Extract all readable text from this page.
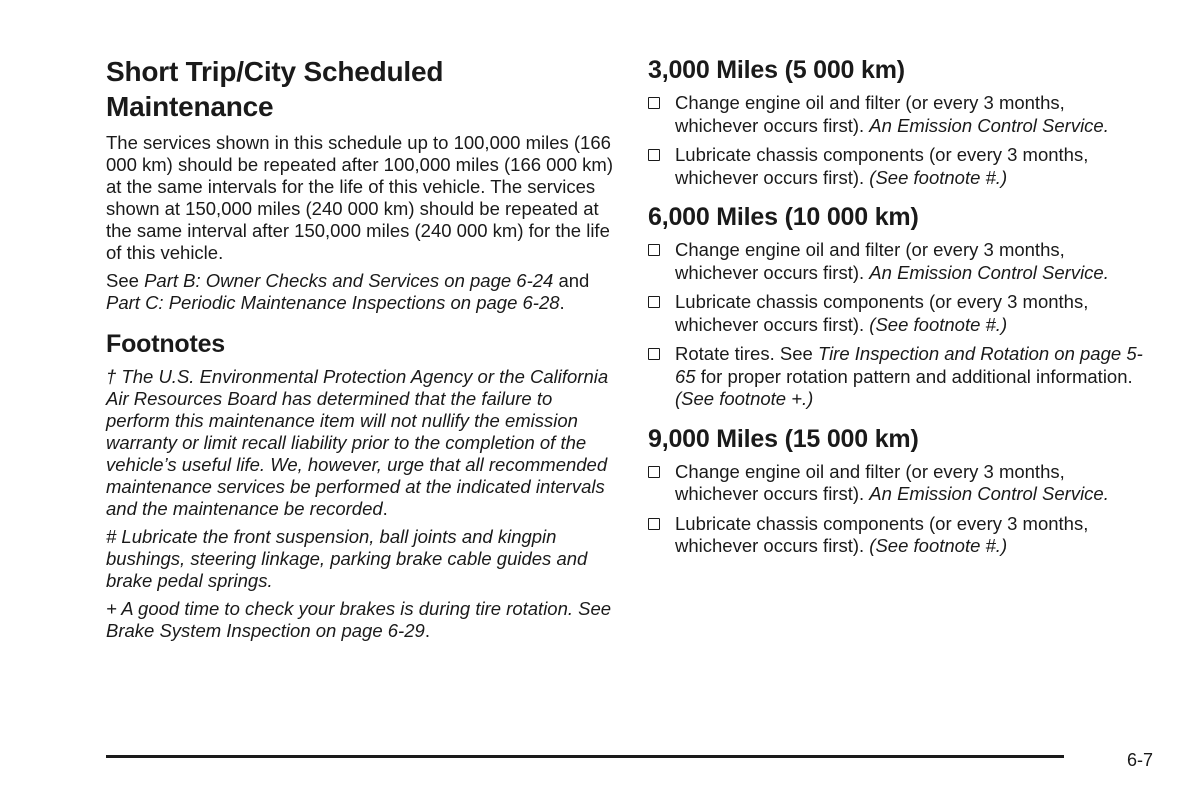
Short Trip/City Scheduled Maintenance

The services shown in this schedule up to 100,000 miles (166 000 km) should be repeated after 100,000 miles (166 000 km) at the same intervals for the life of this vehicle. The services shown at 150,000 miles (240 000 km) should be repeated at the same interval after 150,000 miles (240 000 km) for the life of this vehicle.

See Part B: Owner Checks and Services on page 6-24 and Part C: Periodic Maintenance Inspections on page 6-28.

Footnotes

† The U.S. Environmental Protection Agency or the California Air Resources Board has determined that the failure to perform this maintenance item will not nullify the emission warranty or limit recall liability prior to the completion of the vehicle’s useful life. We, however, urge that all recommended maintenance services be performed at the indicated intervals and the maintenance be recorded.

# Lubricate the front suspension, ball joints and kingpin bushings, steering linkage, parking brake cable guides and brake pedal springs.

+ A good time to check your brakes is during tire rotation. See Brake System Inspection on page 6-29.

3,000 Miles (5 000 km)
Change engine oil and filter (or every 3 months, whichever occurs first). An Emission Control Service.
Lubricate chassis components (or every 3 months, whichever occurs first). (See footnote #.)
6,000 Miles (10 000 km)
Change engine oil and filter (or every 3 months, whichever occurs first). An Emission Control Service.
Lubricate chassis components (or every 3 months, whichever occurs first). (See footnote #.)
Rotate tires. See Tire Inspection and Rotation on page 5-65 for proper rotation pattern and additional information. (See footnote +.)
9,000 Miles (15 000 km)
Change engine oil and filter (or every 3 months, whichever occurs first). An Emission Control Service.
Lubricate chassis components (or every 3 months, whichever occurs first). (See footnote #.)
6-7
